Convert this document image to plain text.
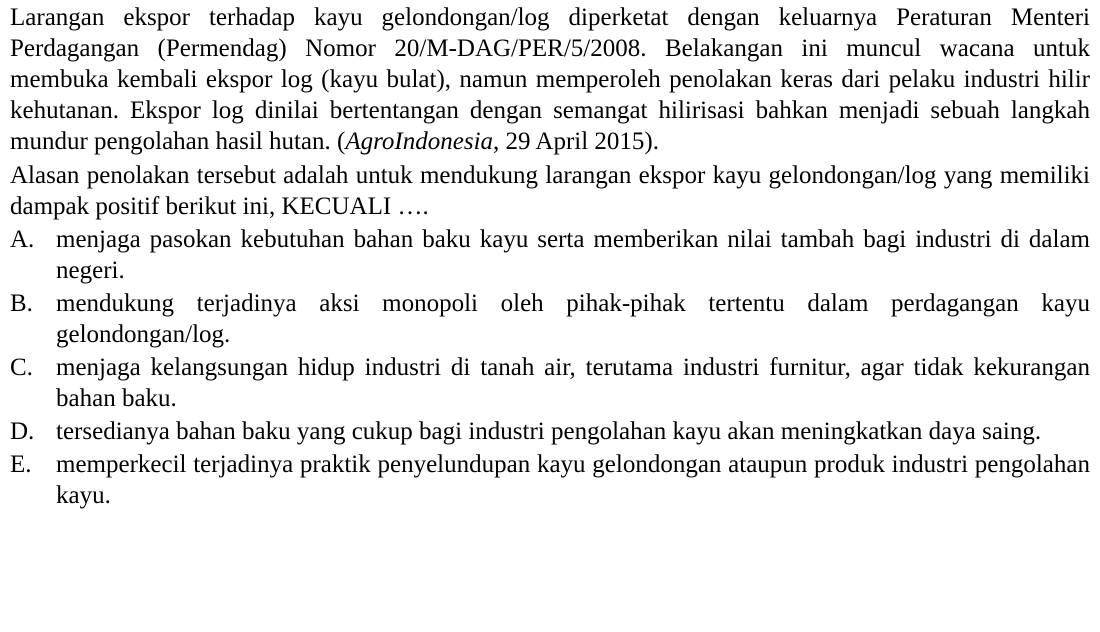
Larangan ekspor terhadap kayu gelondongan/log diperketat dengan keluarnya Peraturan Menteri Perdagangan (Permendag) Nomor 20/M-DAG/PER/5/2008. Belakangan ini muncul wacana untuk membuka kembali ekspor log (kayu bulat), namun memperoleh penolakan keras dari pelaku industri hilir kehutanan. Ekspor log dinilai bertentangan dengan semangat hilirisasi bahkan menjadi sebuah langkah mundur pengolahan hasil hutan. (AgroIndonesia, 29 April 2015).

Alasan penolakan tersebut adalah untuk mendukung larangan ekspor kayu gelondongan/log yang memiliki dampak positif berikut ini, KECUALI ….

A. menjaga pasokan kebutuhan bahan baku kayu serta memberikan nilai tambah bagi industri di dalam negeri.
B. mendukung terjadinya aksi monopoli oleh pihak-pihak tertentu dalam perdagangan kayu gelondongan/log.
C. menjaga kelangsungan hidup industri di tanah air, terutama industri furnitur, agar tidak kekurangan bahan baku.
D. tersedianya bahan baku yang cukup bagi industri pengolahan kayu akan meningkatkan daya saing.
E. memperkecil terjadinya praktik penyelundupan kayu gelondongan ataupun produk industri pengolahan kayu.
